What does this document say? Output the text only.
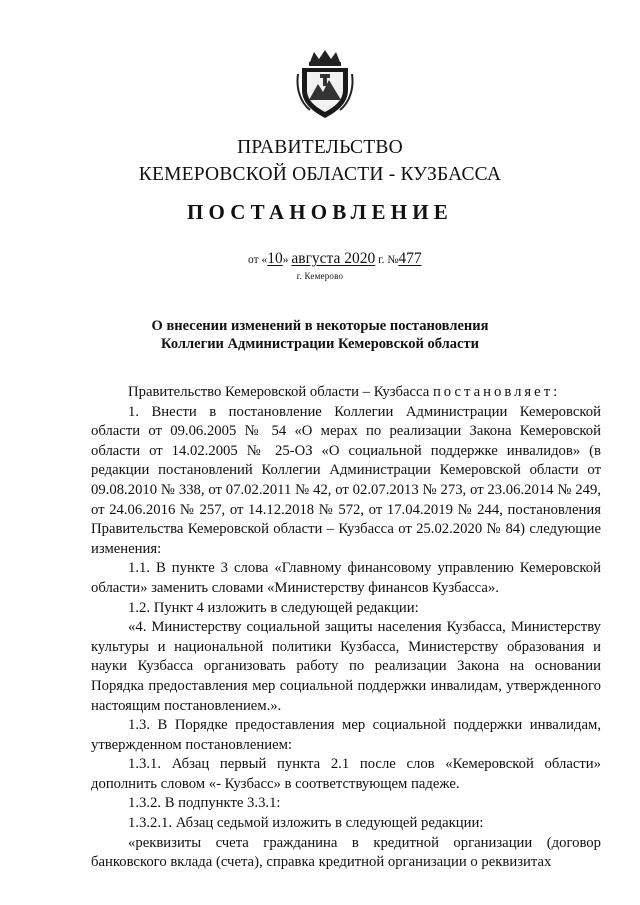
ПРАВИТЕЛЬСТВО
КЕМЕРОВСКОЙ ОБЛАСТИ - КУЗБАССА
ПОСТАНОВЛЕНИЕ
от «10» августа 2020 г. №477
г. Кемерово
О внесении изменений в некоторые постановления
Коллегии Администрации Кемеровской области

Правительство Кемеровской области – Кузбасса постановляет:

1. Внести в постановление Коллегии Администрации Кемеровской области от 09.06.2005 № 54 «О мерах по реализации Закона Кемеровской области от 14.02.2005 № 25-ОЗ «О социальной поддержке инвалидов» (в редакции постановлений Коллегии Администрации Кемеровской области от 09.08.2010 № 338, от 07.02.2011 № 42, от 02.07.2013 № 273, от 23.06.2014 № 249, от 24.06.2016 № 257, от 14.12.2018 № 572, от 17.04.2019 № 244, постановления Правительства Кемеровской области – Кузбасса от 25.02.2020 № 84) следующие изменения:

1.1. В пункте 3 слова «Главному финансовому управлению Кемеровской области» заменить словами «Министерству финансов Кузбасса».

1.2. Пункт 4 изложить в следующей редакции:

«4. Министерству социальной защиты населения Кузбасса, Министерству культуры и национальной политики Кузбасса, Министерству образования и науки Кузбасса организовать работу по реализации Закона на основании Порядка предоставления мер социальной поддержки инвалидам, утвержденного настоящим постановлением.».

1.3. В Порядке предоставления мер социальной поддержки инвалидам, утвержденном постановлением:

1.3.1. Абзац первый пункта 2.1 после слов «Кемеровской области» дополнить словом «- Кузбасс» в соответствующем падеже.

1.3.2. В подпункте 3.3.1:

1.3.2.1. Абзац седьмой изложить в следующей редакции:

«реквизиты счета гражданина в кредитной организации (договор банковского вклада (счета), справка кредитной организации о реквизитах
